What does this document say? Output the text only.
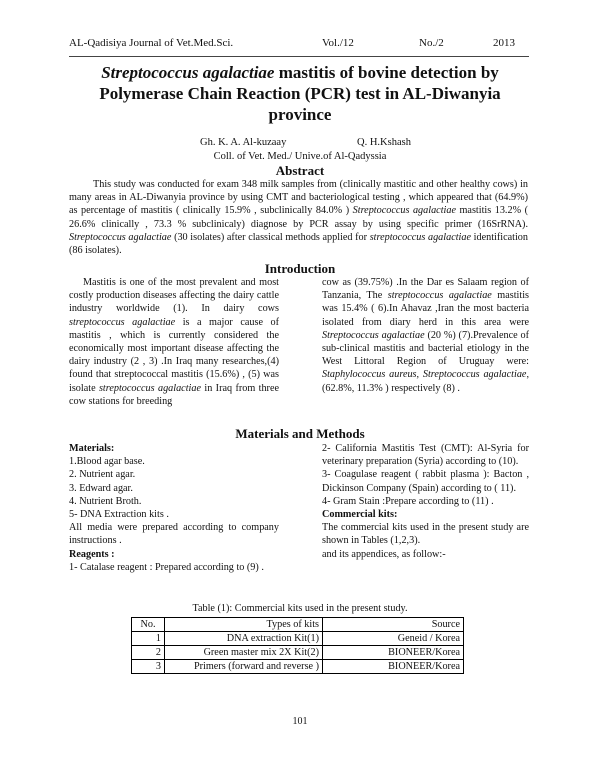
AL-Qadisiya Journal of Vet.Med.Sci.	Vol./12	No./2	2013
Streptococcus agalactiae mastitis of bovine detection by Polymerase Chain Reaction (PCR) test in AL-Diwanyia province
Gh. K. A. Al-kuzaay	Q. H.Kshash
Coll. of Vet. Med./ Unive.of Al-Qadyssia
Abstract
This study was conducted for exam 348 milk samples from (clinically mastitic and other healthy cows) in many areas in AL-Diwanyia province by using CMT and bacteriological testing , which appeared that (64.9%) as percentage of mastitis ( clinically 15.9% , subclinically 84.0% ) Streptococcus agalactiae mastitis 13.2% ( 26.6% clinically , 73.3 % subclinicaly) diagnose by PCR assay by using specific primer (16SrRNA). Streptococcus agalactiae (30 isolates) after classical methods applied for streptococcus agalactiae identification (86 isolates).
Introduction

Mastitis is one of the most prevalent and most costly production diseases affecting the dairy cattle industry worldwide (1). In dairy cows streptococcus agalactiae is a major cause of mastitis , which is currently considered the economically most important disease affecting the dairy industry (2 , 3) .In Iraq many researches,(4) found that streptococcal mastitis (15.6%) , (5) was isolate streptococcus agalactiae in Iraq from three cow stations for breeding

cow as (39.75%) .In the Dar es Salaam region of Tanzania, The streptococcus agalactiae mastitis was 15.4% ( 6).In Ahavaz ,Iran the most bacteria isolated from diary herd in this area were Streptococcus agalactiae (20 %) (7).Prevalence of sub-clinical mastitis and bacterial etiology in the West Littoral Region of Uruguay were: Staphylococcus aureus, Streptococcus agalactiae, (62.8%, 11.3% ) respectively (8) .

Materials and Methods
Materials:
1.Blood agar base.
2. Nutrient agar.
3. Edward agar.
4. Nutrient Broth.
5- DNA Extraction kits .

All media were prepared according to company instructions .

Reagents :

1- Catalase reagent : Prepared according to (9) .

2- California Mastitis Test (CMT): Al-Syria for veterinary preparation (Syria) according to (10).

3- Coagulase reagent ( rabbit plasma ): Bacton , Dickinson Company (Spain) according to ( 11).

4- Gram Stain :Prepare according to (11) .

Commercial kits:

The commercial kits used in the present study are shown in Tables (1,2,3).

and its appendices, as follow:-
Table (1): Commercial kits used in the present study.
No.	Types of kits	Source
1	DNA extraction Kit(1)	Geneid / Korea
2	Green master mix 2X Kit(2)	BIONEER/Korea
3	Primers (forward and reverse )	BIONEER/Korea
101
